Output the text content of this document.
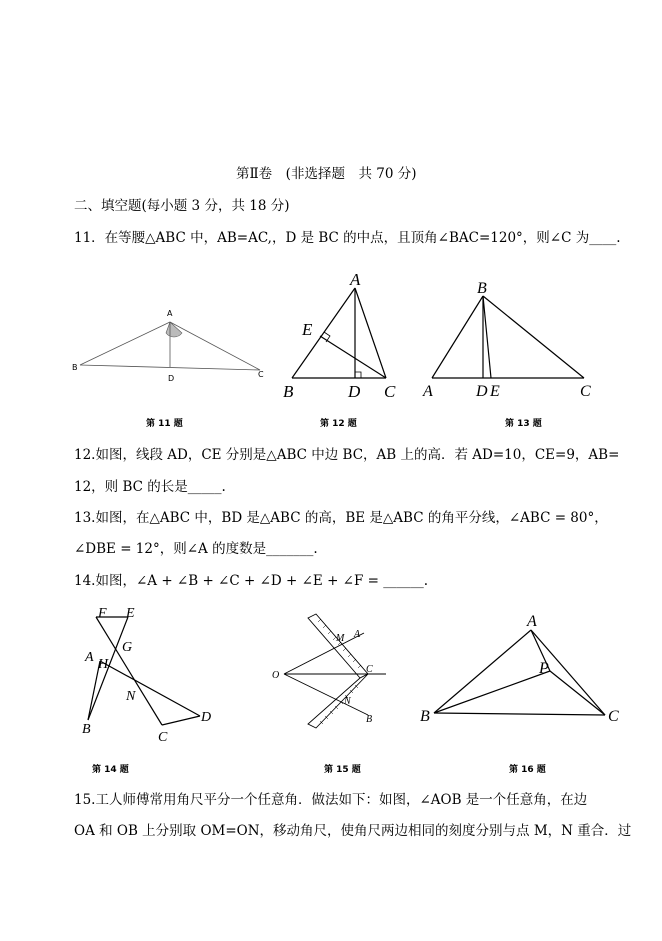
第Ⅱ卷　(非选择题　共 70 分)
二、填空题(每小题 3 分，共 18 分)
11．在等腰△ABC 中，AB=AC,，D 是 BC 的中点，且顶角∠BAC=120°，则∠C 为____.
A
B
C
D
第 11 题
A
E
B	D C
第 12 题
B
A	D E	C
第 13 题
12.如图，线段 AD，CE 分别是△ABC 中边 BC，AB 上的高．若 AD=10，CE=9，AB=
12，则 BC 的长是_____.
13.如图，在△ABC 中，BD 是△ABC 的高，BE 是△ABC 的角平分线，∠ABC = 80°，
∠DBE = 12°，则∠A 的度数是_______.
14.如图，∠A + ∠B + ∠C + ∠D + ∠E + ∠F = ______.
F E
G
A H
N
B
C
D
第 14 题
O
M A
C
N
B
第 15 题
A
P
B	C
第 16 题
15.工人师傅常用角尺平分一个任意角．做法如下：如图，∠AOB 是一个任意角，在边
OA 和 OB 上分别取 OM=ON，移动角尺，使角尺两边相同的刻度分别与点 M，N 重合．过
